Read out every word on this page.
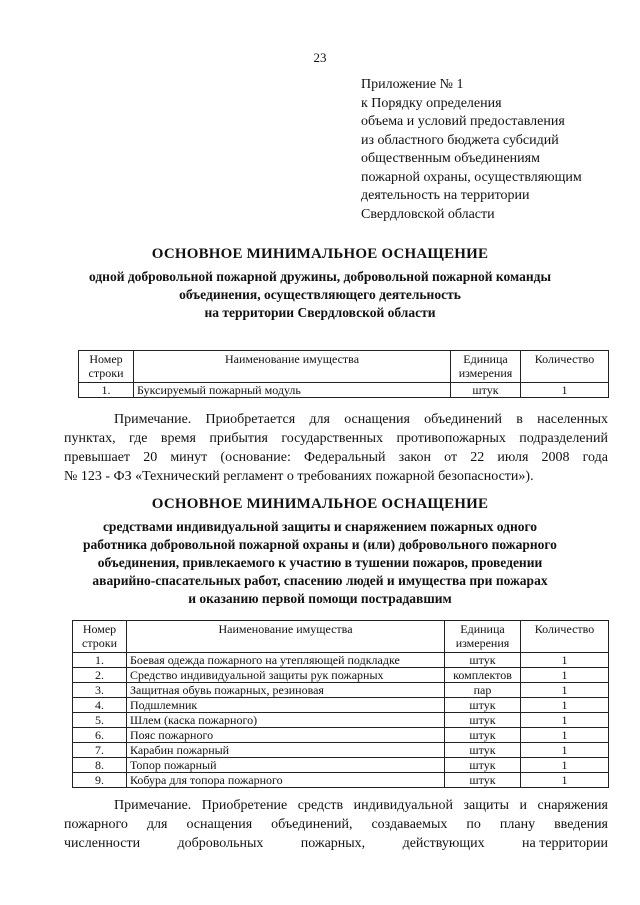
23
Приложение № 1
к Порядку определения
объема и условий предоставления
из областного бюджета субсидий
общественным объединениям
пожарной охраны, осуществляющим
деятельность на территории
Свердловской области
ОСНОВНОЕ МИНИМАЛЬНОЕ ОСНАЩЕНИЕ
одной добровольной пожарной дружины, добровольной пожарной команды
объединения, осуществляющего деятельность
на территории Свердловской области
Номер строки	Наименование имущества	Единица измерения	Количество
1.	Буксируемый пожарный модуль	штук	1
Примечание. Приобретается для оснащения объединений в населенных
пунктах, где время прибытия государственных противопожарных подразделений
превышает 20 минут (основание: Федеральный закон от 22 июля 2008 года
№ 123 - ФЗ «Технический регламент о требованиях пожарной безопасности»).
ОСНОВНОЕ МИНИМАЛЬНОЕ ОСНАЩЕНИЕ
средствами индивидуальной защиты и снаряжением пожарных одного
работника добровольной пожарной охраны и (или) добровольного пожарного
объединения, привлекаемого к участию в тушении пожаров, проведении
аварийно-спасательных работ, спасению людей и имущества при пожарах
и оказанию первой помощи пострадавшим
Номер строки	Наименование имущества	Единица измерения	Количество
1.	Боевая одежда пожарного на утепляющей подкладке	штук	1
2.	Средство индивидуальной защиты рук пожарных	комплектов	1
3.	Защитная обувь пожарных, резиновая	пар	1
4.	Подшлемник	штук	1
5.	Шлем (каска пожарного)	штук	1
6.	Пояс пожарного	штук	1
7.	Карабин пожарный	штук	1
8.	Топор пожарный	штук	1
9.	Кобура для топора пожарного	штук	1
Примечание. Приобретение средств индивидуальной защиты и снаряжения
пожарного для оснащения объединений, создаваемых по плану введения
численности	добровольных	пожарных,	действующих	на территории
